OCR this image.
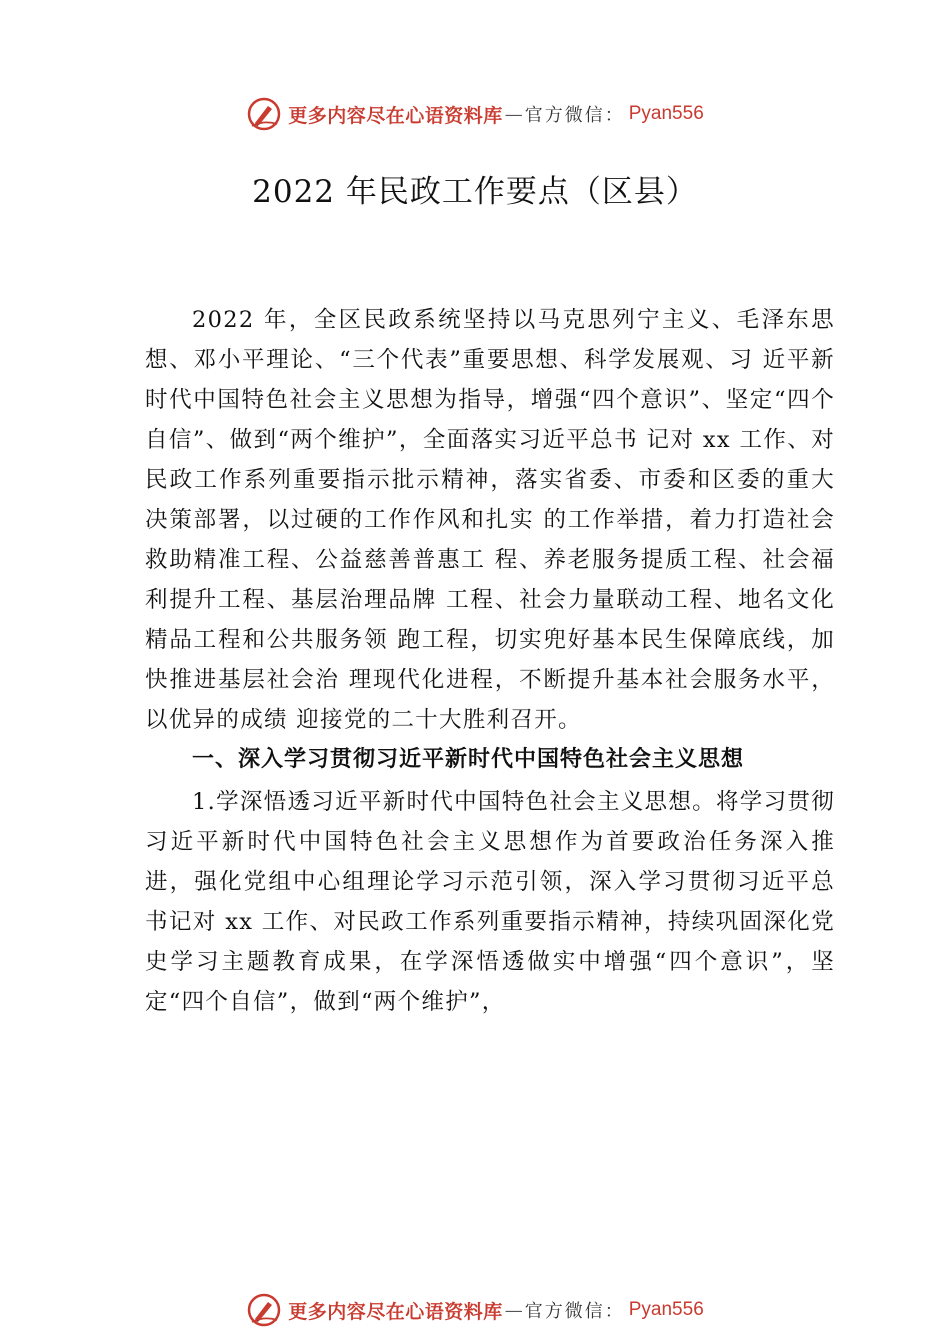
更多内容尽在心语资料库 — 官方微信： Pyan556
2022 年民政工作要点（区县）

2022 年，全区民政系统坚持以马克思列宁主义、毛泽东思想、邓小平理论、“三个代表”重要思想、科学发展观、习 近平新时代中国特色社会主义思想为指导，增强“四个意识”、坚定“四个自信”、做到“两个维护”，全面落实习近平总书 记对 xx 工作、对民政工作系列重要指示批示精神，落实省委、市委和区委的重大决策部署，以过硬的工作作风和扎实 的工作举措，着力打造社会救助精准工程、公益慈善普惠工 程、养老服务提质工程、社会福利提升工程、基层治理品牌 工程、社会力量联动工程、地名文化精品工程和公共服务领 跑工程，切实兜好基本民生保障底线，加快推进基层社会治 理现代化进程，不断提升基本社会服务水平，以优异的成绩 迎接党的二十大胜利召开。

一、深入学习贯彻习近平新时代中国特色社会主义思想

1.学深悟透习近平新时代中国特色社会主义思想。将学习贯彻习近平新时代中国特色社会主义思想作为首要政治任务深入推进，强化党组中心组理论学习示范引领，深入学习贯彻习近平总书记对 xx 工作、对民政工作系列重要指示精神，持续巩固深化党史学习主题教育成果，在学深悟透做实中增强“四个意识”，坚定“四个自信”，做到“两个维护”，

更多内容尽在心语资料库 — 官方微信： Pyan556
